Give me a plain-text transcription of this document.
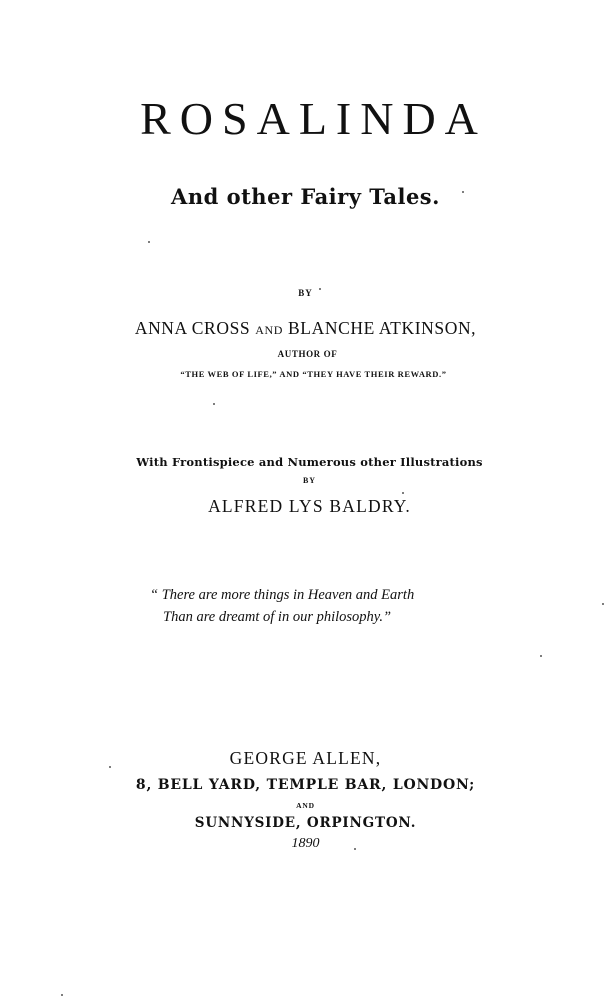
ROSALINDA
And other Fairy Tales.
BY
ANNA CROSS AND BLANCHE ATKINSON,
AUTHOR OF
“THE WEB OF LIFE,” AND “THEY HAVE THEIR REWARD.”
With Frontispiece and Numerous other Illustrations
BY
ALFRED LYS BALDRY.
“ There are more things in Heaven and Earth
Than are dreamt of in our philosophy.”
GEORGE ALLEN,
8, BELL YARD, TEMPLE BAR, LONDON;
AND
SUNNYSIDE, ORPINGTON.
1890
